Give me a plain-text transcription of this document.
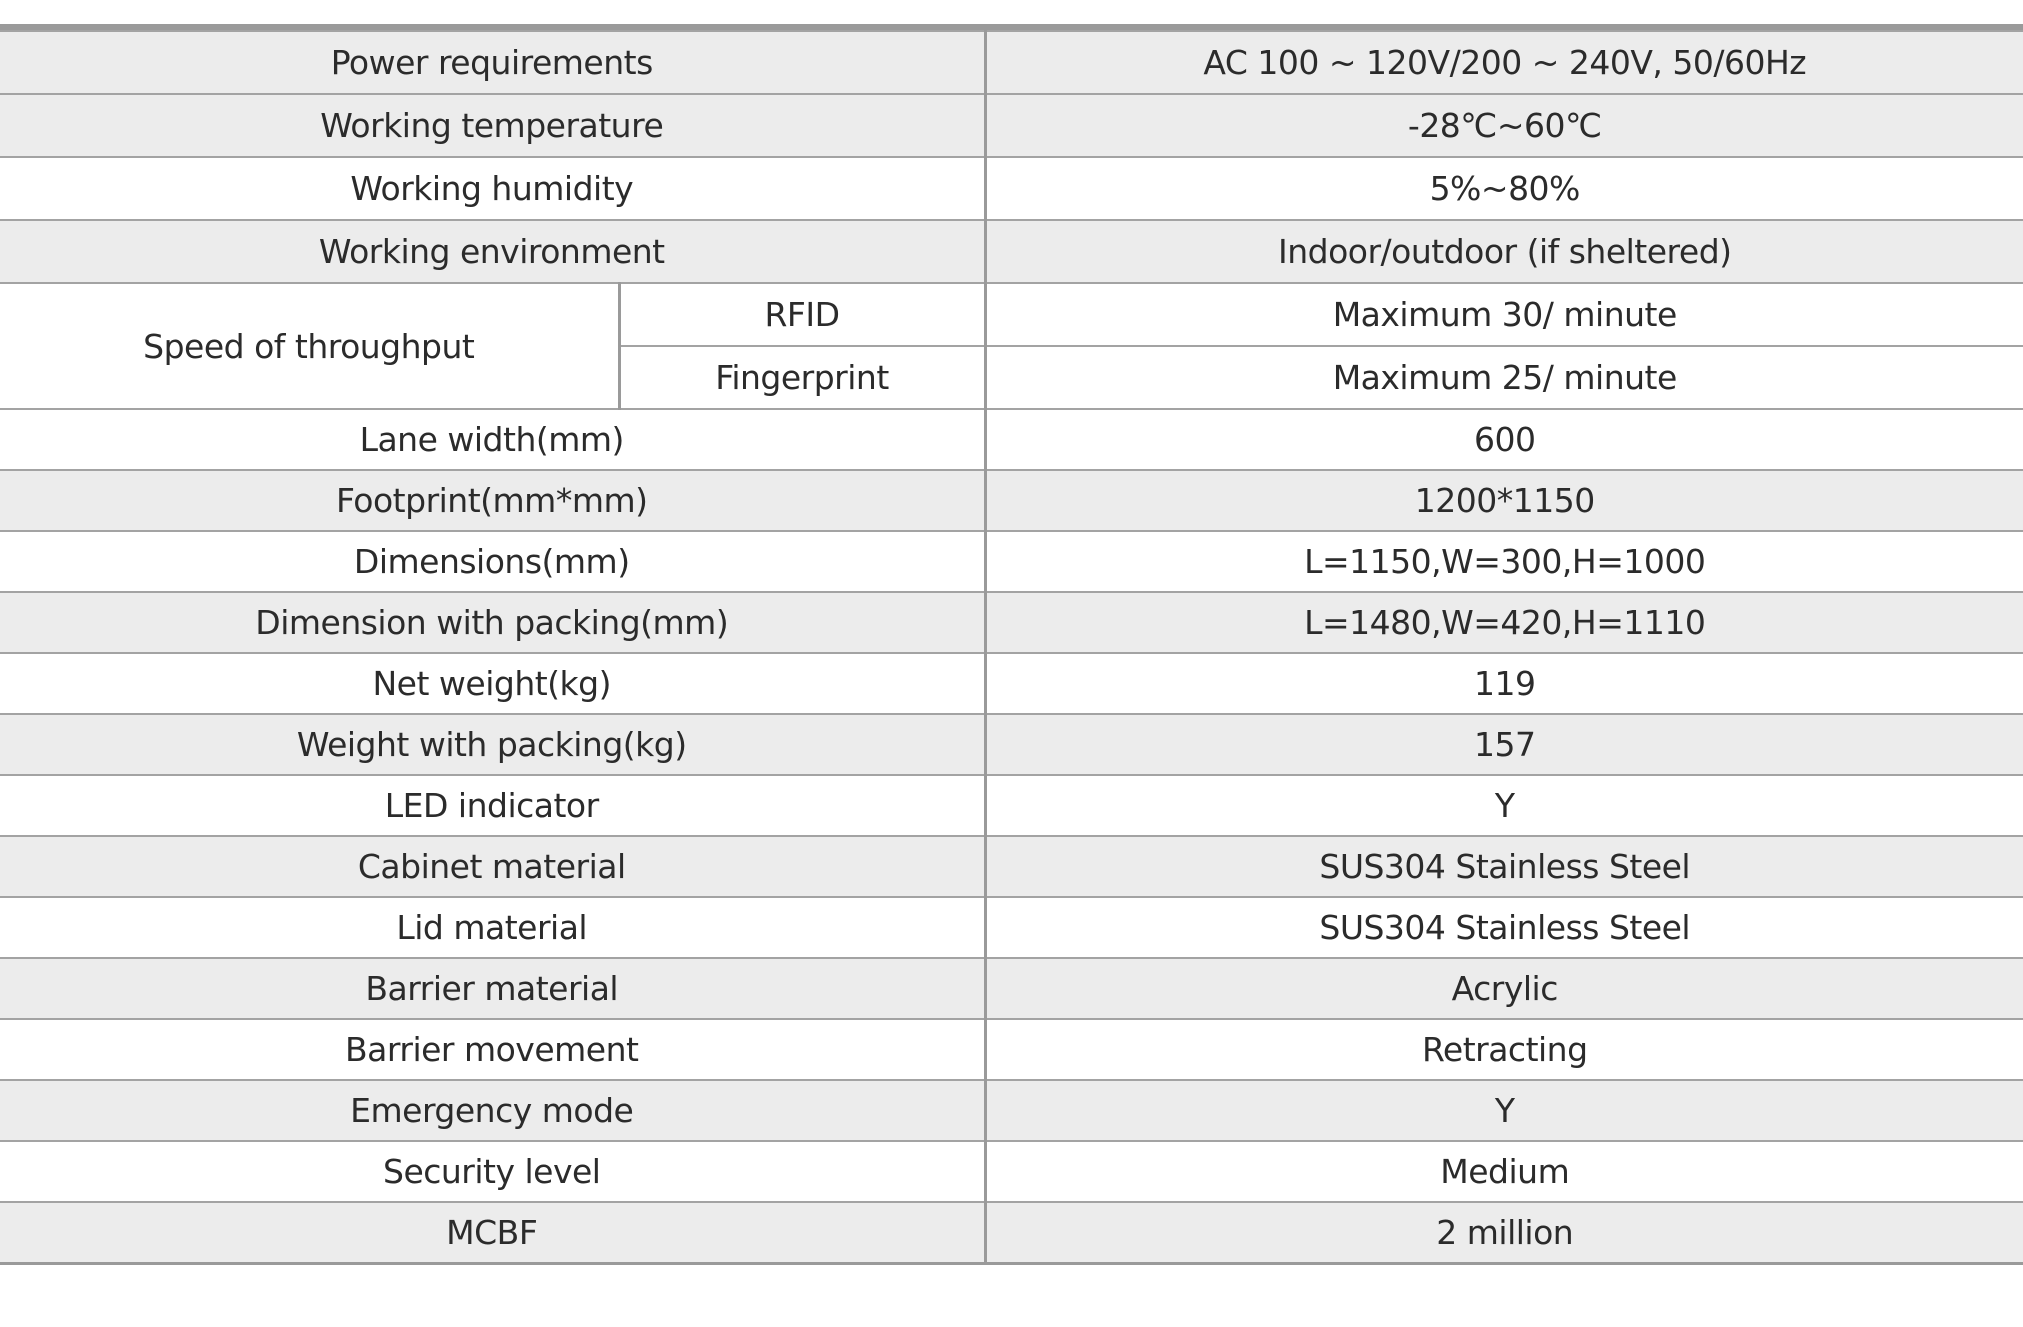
Power requirements		AC 100 ~ 120V/200 ~ 240V, 50/60Hz
Working temperature		-28℃~60℃
Working humidity		5%~80%
Working environment		Indoor/outdoor (if sheltered)
Speed of throughput	RFID	Maximum 30/ minute
	Fingerprint	Maximum 25/ minute
Lane width(mm)		600
Footprint(mm*mm)		1200*1150
Dimensions(mm)		L=1150,W=300,H=1000
Dimension with packing(mm)		L=1480,W=420,H=1110
Net weight(kg)		119
Weight with packing(kg)		157
LED indicator		Y
Cabinet material		SUS304 Stainless Steel
Lid material		SUS304 Stainless Steel
Barrier material		Acrylic
Barrier movement		Retracting
Emergency mode		Y
Security level		Medium
MCBF		2 million
